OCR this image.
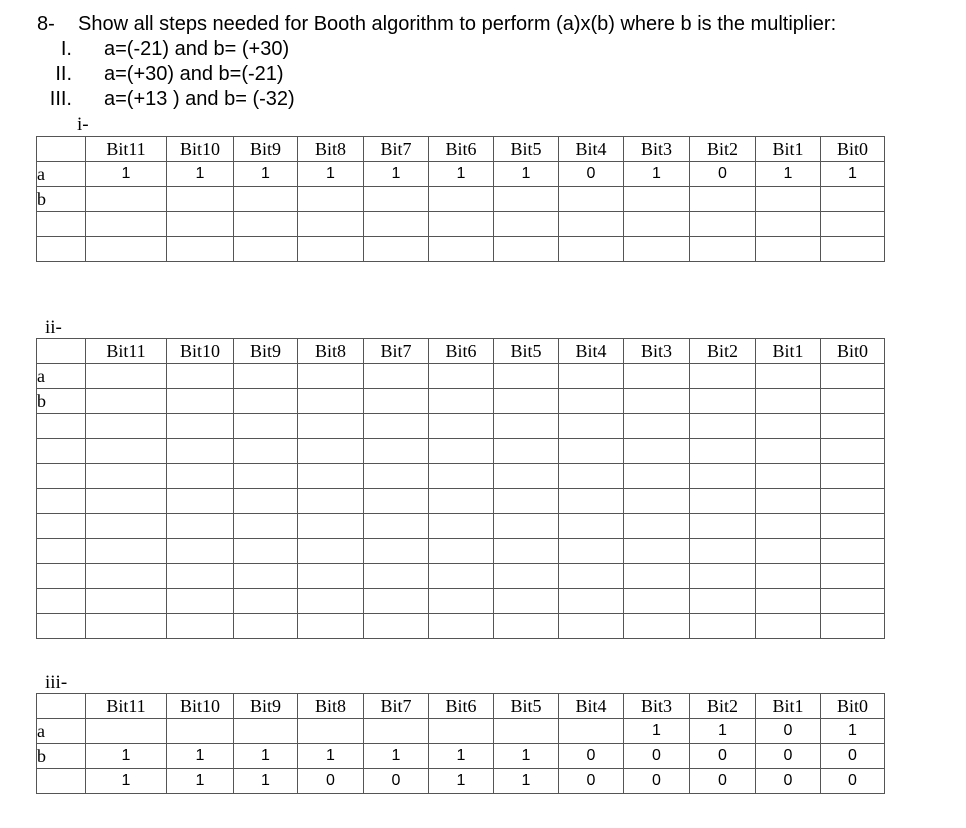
8- Show all steps needed for Booth algorithm to perform (a)x(b) where b is the multiplier:
I. a=(-21) and b= (+30)
II. a=(+30) and b=(-21)
III. a=(+13 ) and b= (-32)
i-
ii-
iii-
	Bit11	Bit10	Bit9	Bit8	Bit7	Bit6	Bit5	Bit4	Bit3	Bit2	Bit1	Bit0
a	1	1	1	1	1	1	1	0	1	0	1	1
b												

	Bit11	Bit10	Bit9	Bit8	Bit7	Bit6	Bit5	Bit4	Bit3	Bit2	Bit1	Bit0
a												
b												

	Bit11	Bit10	Bit9	Bit8	Bit7	Bit6	Bit5	Bit4	Bit3	Bit2	Bit1	Bit0
a									1	1	0	1
b	1	1	1	1	1	1	1	0	0	0	0	0
	1	1	1	0	0	1	1	0	0	0	0	0
